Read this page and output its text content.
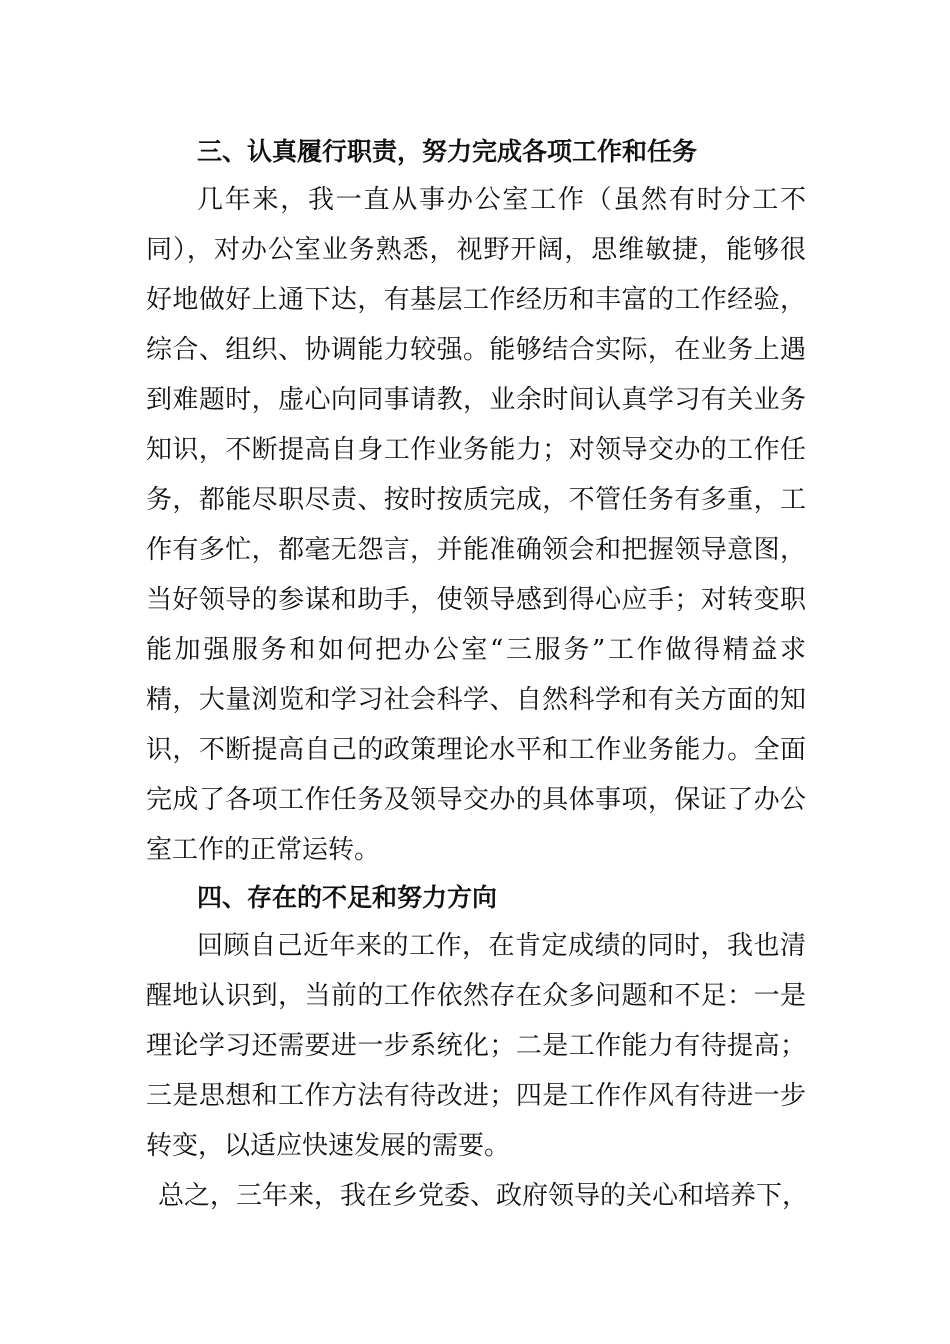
三、认真履行职责，努力完成各项工作和任务
几年来，我一直从事办公室工作（虽然有时分工不
同），对办公室业务熟悉，视野开阔，思维敏捷，能够很
好地做好上通下达，有基层工作经历和丰富的工作经验，
综合、组织、协调能力较强。能够结合实际，在业务上遇
到难题时，虚心向同事请教，业余时间认真学习有关业务
知识，不断提高自身工作业务能力；对领导交办的工作任
务，都能尽职尽责、按时按质完成，不管任务有多重，工
作有多忙，都毫无怨言，并能准确领会和把握领导意图，
当好领导的参谋和助手，使领导感到得心应手；对转变职
能加强服务和如何把办公室“三服务”工作做得精益求
精，大量浏览和学习社会科学、自然科学和有关方面的知
识，不断提高自己的政策理论水平和工作业务能力。全面
完成了各项工作任务及领导交办的具体事项，保证了办公
室工作的正常运转。
四、存在的不足和努力方向
回顾自己近年来的工作，在肯定成绩的同时，我也清
醒地认识到，当前的工作依然存在众多问题和不足：一是
理论学习还需要进一步系统化；二是工作能力有待提高；
三是思想和工作方法有待改进；四是工作作风有待进一步
转变，以适应快速发展的需要。
总之，三年来，我在乡党委、政府领导的关心和培养下，
